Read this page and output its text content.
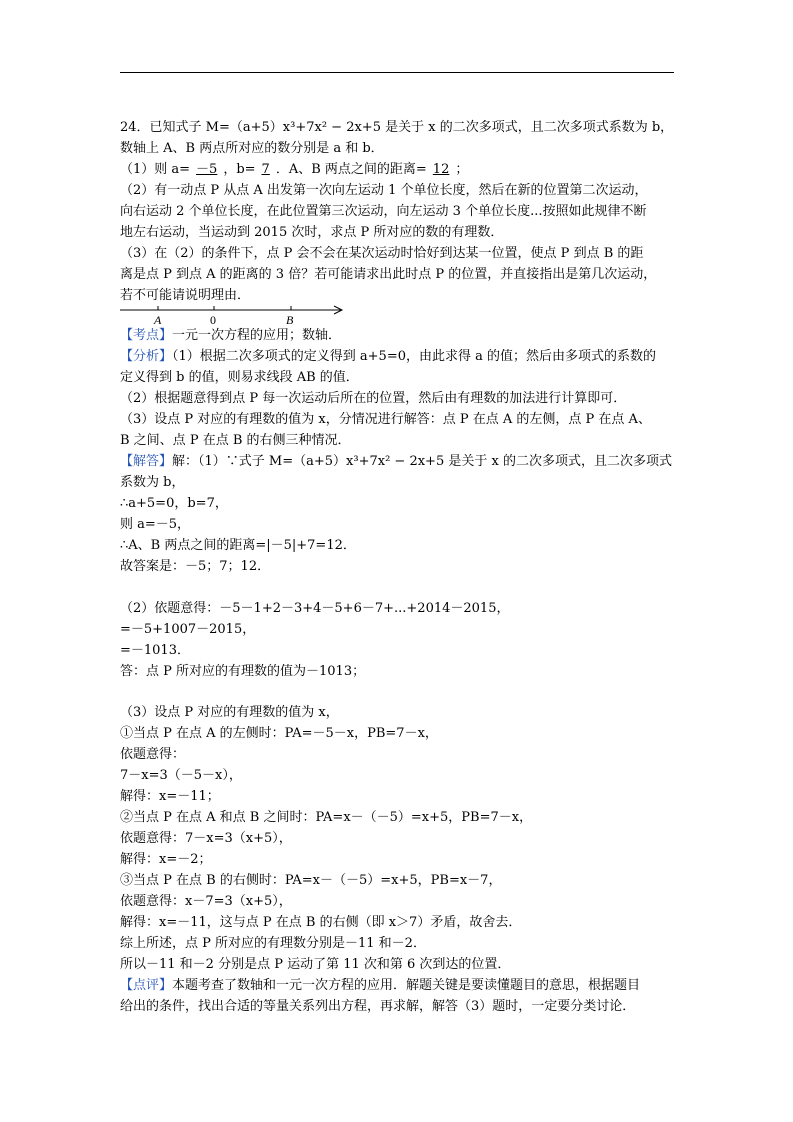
24．已知式子 M=（a+5）x³+7x² − 2x+5 是关于 x 的二次多项式，且二次多项式系数为 b，
数轴上 A、B 两点所对应的数分别是 a 和 b．
（1）则 a= －5 ，b= 7 ．A、B 两点之间的距离= 12 ；
（2）有一动点 P 从点 A 出发第一次向左运动 1 个单位长度，然后在新的位置第二次运动，
向右运动 2 个单位长度，在此位置第三次运动，向左运动 3 个单位长度...按照如此规律不断
地左右运动，当运动到 2015 次时，求点 P 所对应的数的有理数．
（3）在（2）的条件下，点 P 会不会在某次运动时恰好到达某一位置，使点 P 到点 B 的距
离是点 P 到点 A 的距离的 3 倍？若可能请求出此时点 P 的位置，并直接指出是第几次运动，
若不可能请说明理由．
A	0	B
【考点】一元一次方程的应用；数轴．
【分析】（1）根据二次多项式的定义得到 a+5=0，由此求得 a 的值；然后由多项式的系数的
定义得到 b 的值，则易求线段 AB 的值．
（2）根据题意得到点 P 每一次运动后所在的位置，然后由有理数的加法进行计算即可．
（3）设点 P 对应的有理数的值为 x，分情况进行解答：点 P 在点 A 的左侧，点 P 在点 A、
B 之间、点 P 在点 B 的右侧三种情况．
【解答】解：（1）∵式子 M=（a+5）x³+7x² − 2x+5 是关于 x 的二次多项式，且二次多项式
系数为 b，
∴a+5=0，b=7，
则 a=－5，
∴A、B 两点之间的距离=|－5|+7=12．
故答案是：－5；7；12．
（2）依题意得：－5－1+2－3+4－5+6－7+...+2014－2015，
=－5+1007－2015，
=－1013．
答：点 P 所对应的有理数的值为－1013；
（3）设点 P 对应的有理数的值为 x，
①当点 P 在点 A 的左侧时：PA=－5－x，PB=7－x，
依题意得：
7－x=3（－5－x），
解得：x=－11；
②当点 P 在点 A 和点 B 之间时：PA=x－（－5）=x+5，PB=7－x，
依题意得：7－x=3（x+5），
解得：x=－2；
③当点 P 在点 B 的右侧时：PA=x－（－5）=x+5，PB=x－7，
依题意得：x－7=3（x+5），
解得：x=－11，这与点 P 在点 B 的右侧（即 x＞7）矛盾，故舍去．
综上所述，点 P 所对应的有理数分别是－11 和－2．
所以－11 和－2 分别是点 P 运动了第 11 次和第 6 次到达的位置．
【点评】本题考查了数轴和一元一次方程的应用．解题关键是要读懂题目的意思，根据题目
给出的条件，找出合适的等量关系列出方程，再求解，解答（3）题时，一定要分类讨论．
